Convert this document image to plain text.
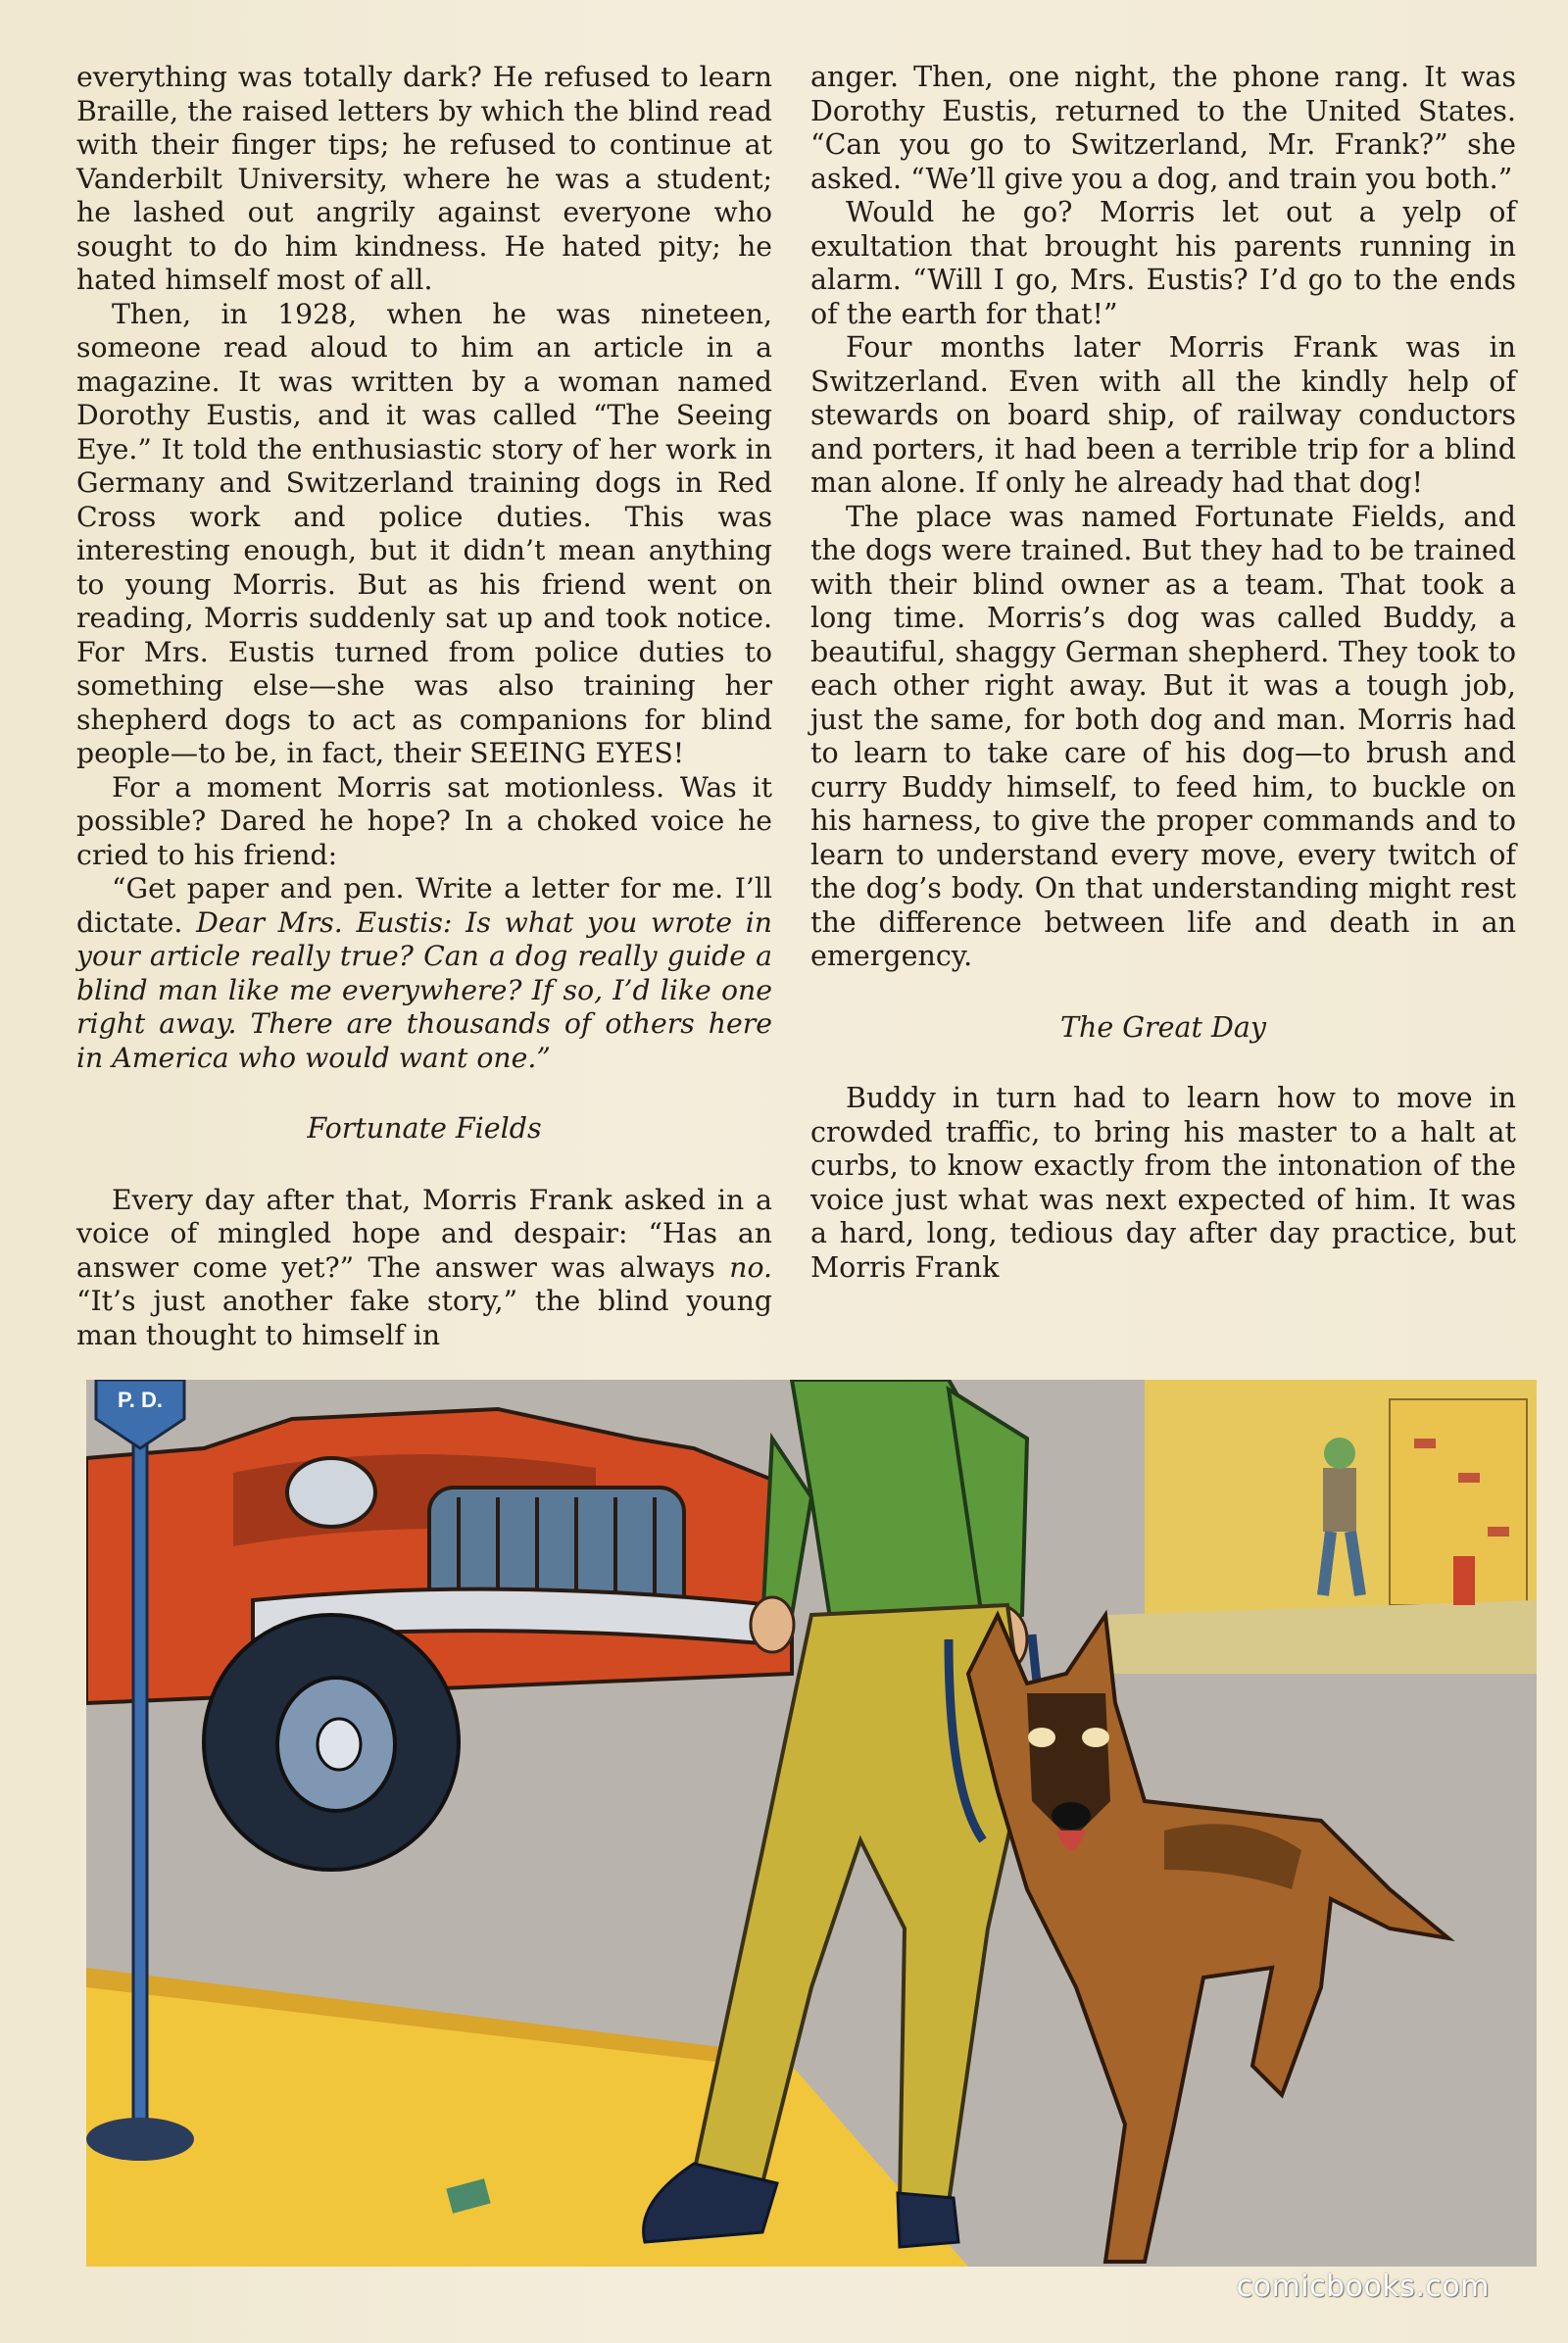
everything was totally dark? He refused to learn Braille, the raised letters by which the blind read with their finger tips; he refused to continue at Vanderbilt University, where he was a student; he lashed out angrily against everyone who sought to do him kindness. He hated pity; he hated himself most of all.

Then, in 1928, when he was nineteen, someone read aloud to him an article in a magazine. It was written by a woman named Dorothy Eustis, and it was called “The Seeing Eye.” It told the enthusiastic story of her work in Germany and Switzerland training dogs in Red Cross work and police duties. This was interesting enough, but it didn’t mean anything to young Morris. But as his friend went on reading, Morris suddenly sat up and took notice. For Mrs. Eustis turned from police duties to something else—she was also training her shepherd dogs to act as companions for blind people—to be, in fact, their SEEING EYES!

For a moment Morris sat motionless. Was it possible? Dared he hope? In a choked voice he cried to his friend:

“Get paper and pen. Write a letter for me. I’ll dictate. Dear Mrs. Eustis: Is what you wrote in your article really true? Can a dog really guide a blind man like me everywhere? If so, I’d like one right away. There are thousands of others here in America who would want one.”

Fortunate Fields

Every day after that, Morris Frank asked in a voice of mingled hope and despair: “Has an answer come yet?” The answer was always no. “It’s just another fake story,” the blind young man thought to himself in

anger. Then, one night, the phone rang. It was Dorothy Eustis, returned to the United States. “Can you go to Switzerland, Mr. Frank?” she asked. “We’ll give you a dog, and train you both.”

Would he go? Morris let out a yelp of exultation that brought his parents running in alarm. “Will I go, Mrs. Eustis? I’d go to the ends of the earth for that!”

Four months later Morris Frank was in Switzerland. Even with all the kindly help of stewards on board ship, of railway conductors and porters, it had been a terrible trip for a blind man alone. If only he already had that dog!

The place was named Fortunate Fields, and the dogs were trained. But they had to be trained with their blind owner as a team. That took a long time. Morris’s dog was called Buddy, a beautiful, shaggy German shepherd. They took to each other right away. But it was a tough job, just the same, for both dog and man. Morris had to learn to take care of his dog—to brush and curry Buddy himself, to feed him, to buckle on his harness, to give the proper commands and to learn to understand every move, every twitch of the dog’s body. On that understanding might rest the difference between life and death in an emergency.

The Great Day

Buddy in turn had to learn how to move in crowded traffic, to bring his master to a halt at curbs, to know exactly from the intonation of the voice just what was next expected of him. It was a hard, long, tedious day after day practice, but Morris Frank

P. D.
comicbooks.com
